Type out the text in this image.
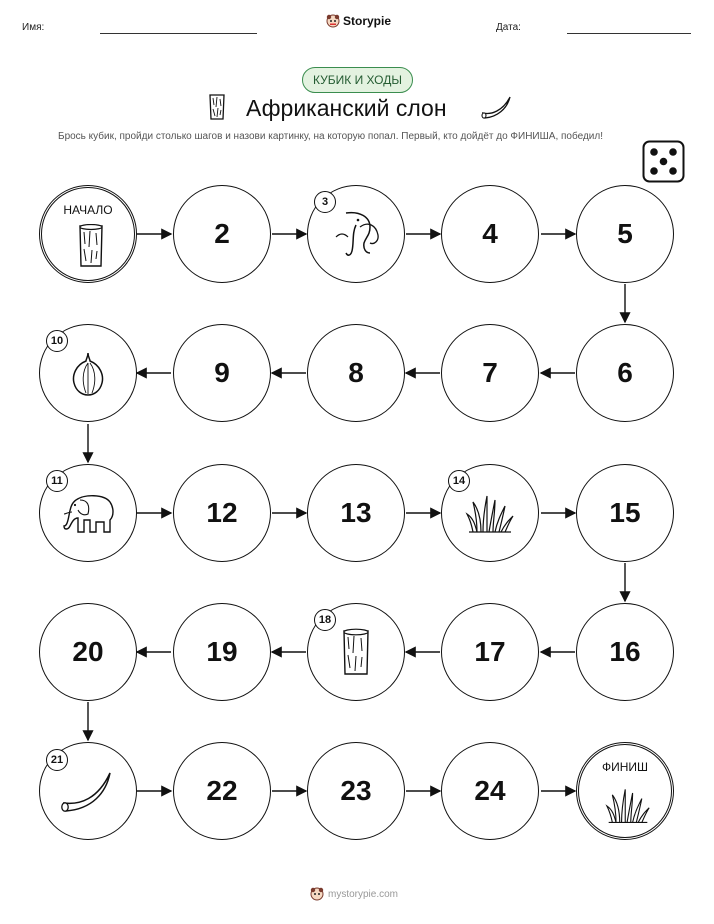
Имя:	Storypie	Дата:
КУБИК И ХОДЫ
Африканский слон
Брось кубик, пройди столько шагов и назови картинку, на которую попал. Первый, кто дойдёт до ФИНИША, победил!
НАЧАЛО
2
3
4	5
10
9	8	7	6
11
12	13
14
15
20	19
18
17	16
21
22	23	24
ФИНИШ
mystorypie.com
